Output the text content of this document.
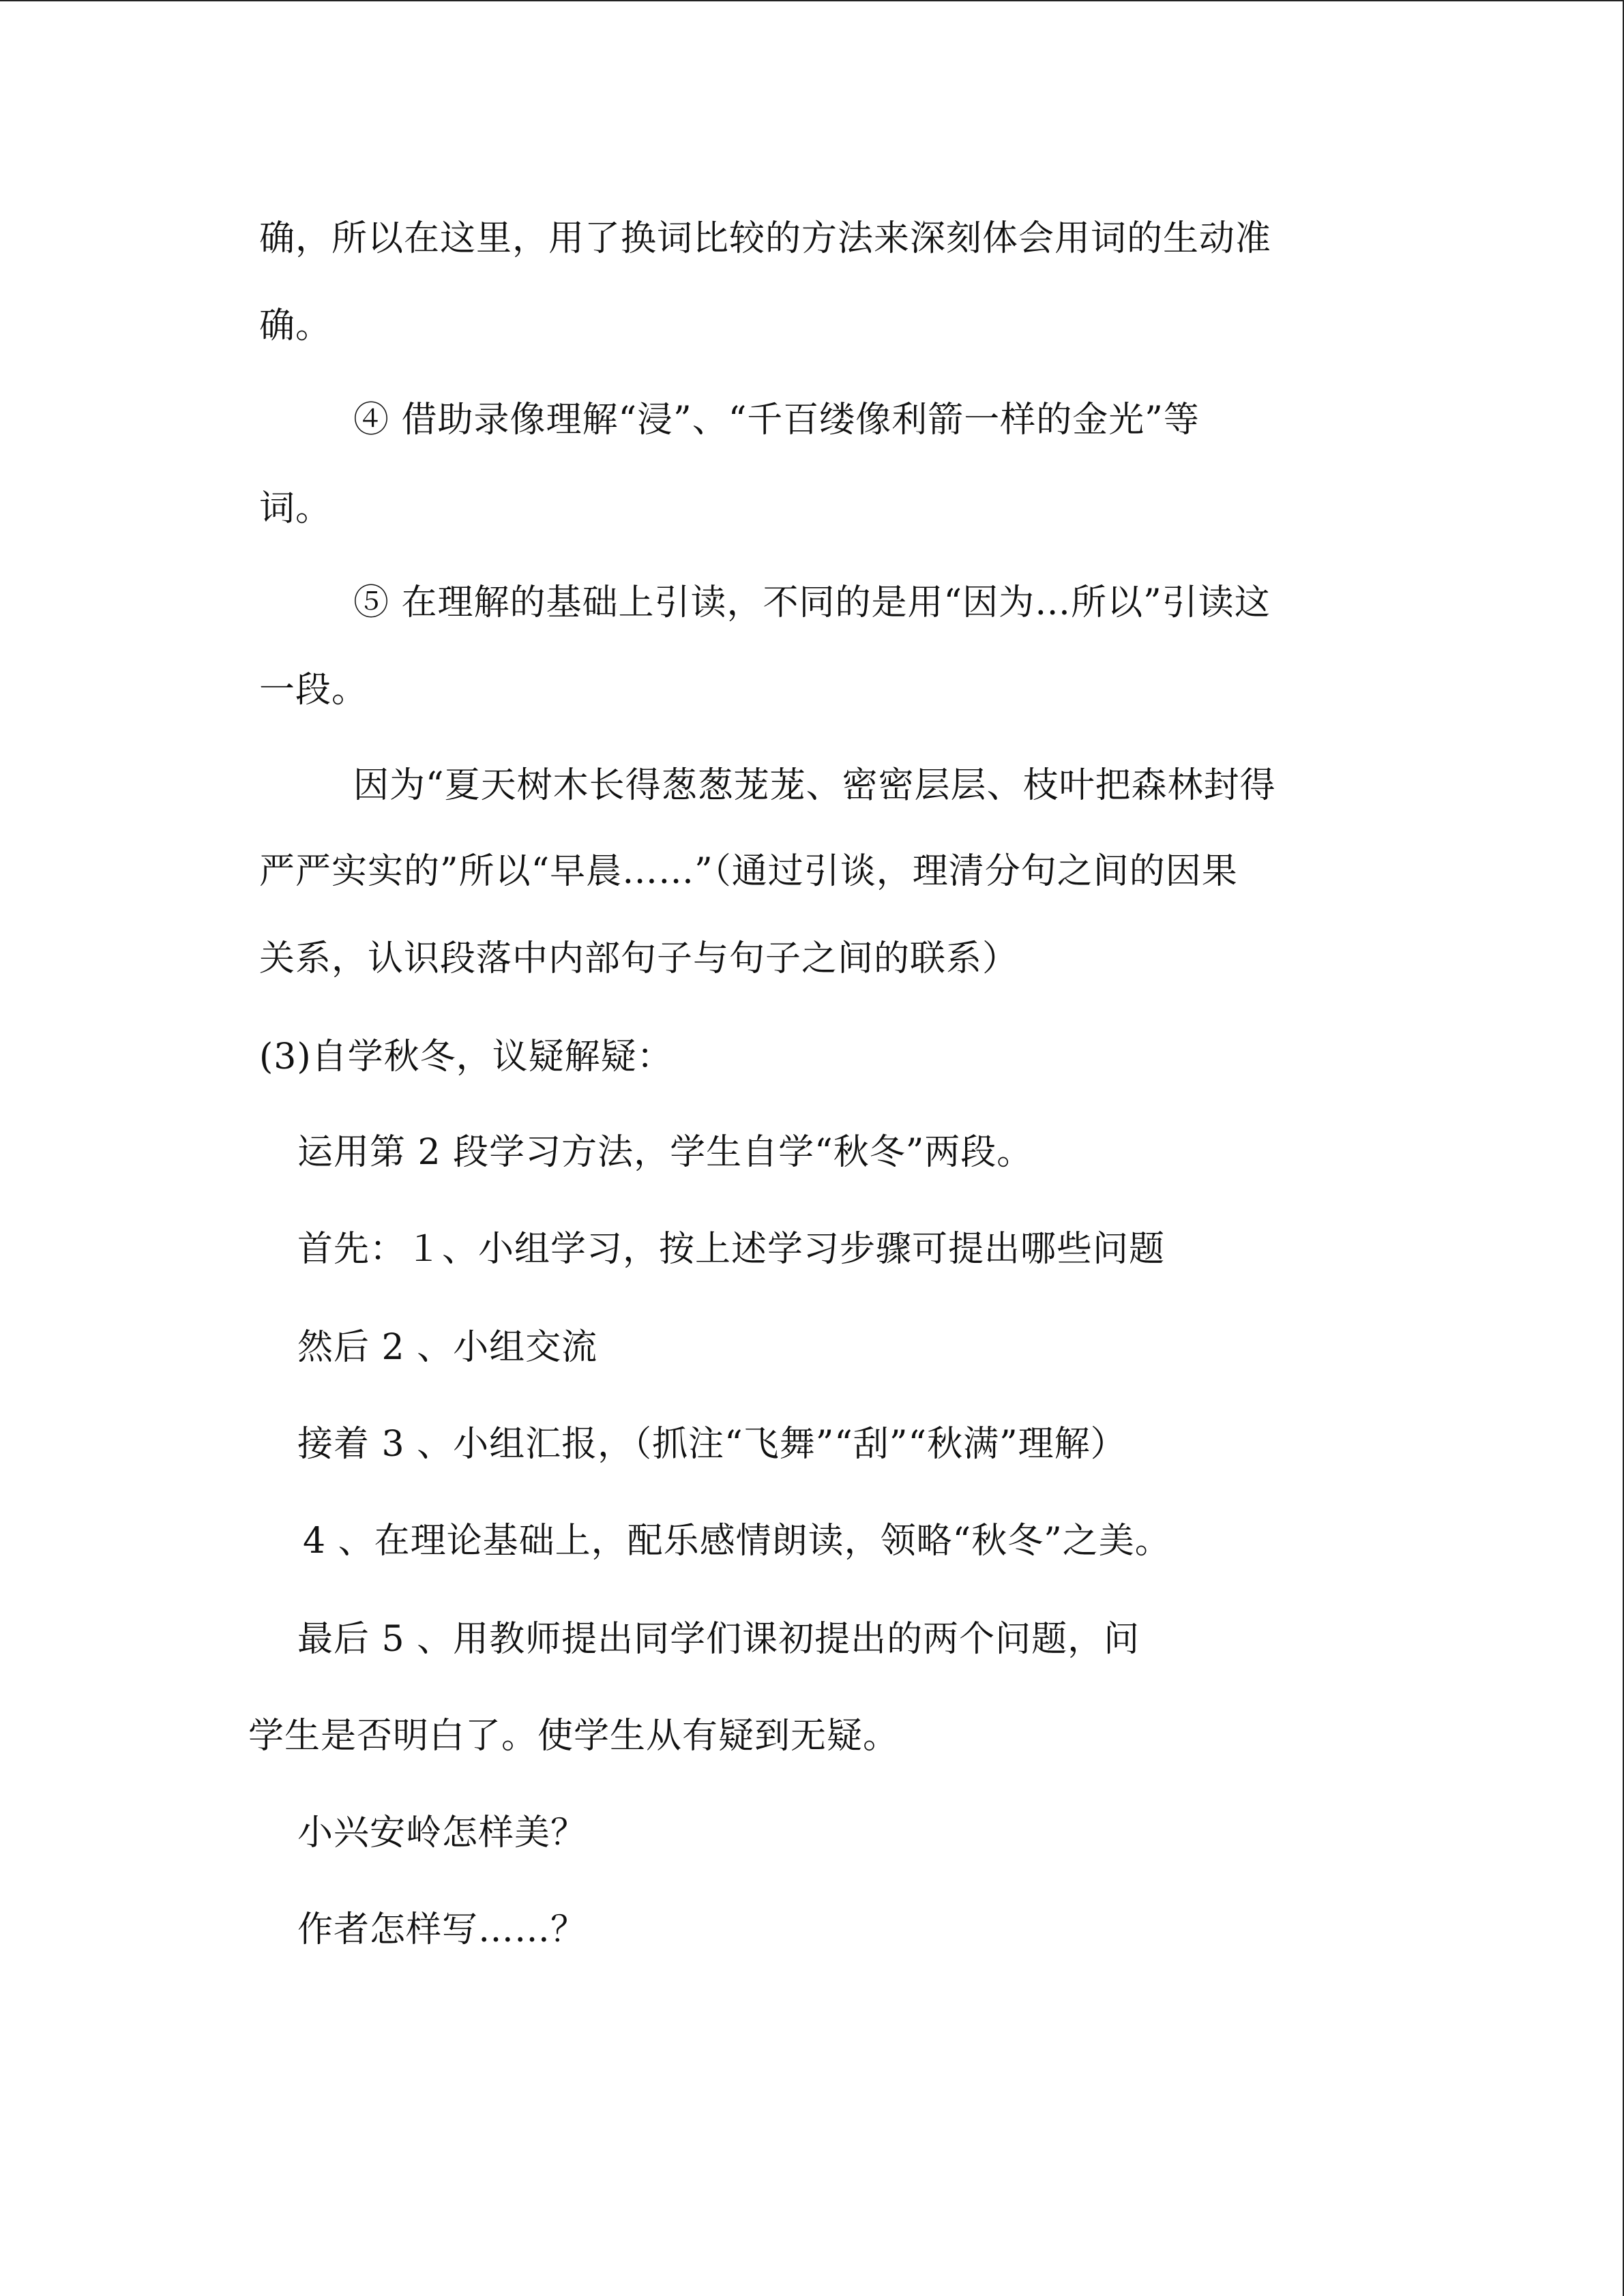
确，所以在这里，用了换词比较的方法来深刻体会用词的生动准
确。
④ 借助录像理解“浸”、“千百缕像利箭一样的金光”等
词。
⑤ 在理解的基础上引读，不同的是用“因为…所以”引读这
一段。
因为“夏天树木长得葱葱茏茏、密密层层、枝叶把森林封得
严严实实的”所以“早晨……”（通过引谈，理清分句之间的因果
关系，认识段落中内部句子与句子之间的联系）
(3)自学秋冬，议疑解疑：
运用第 2 段学习方法，学生自学“秋冬”两段。
首先：１、小组学习，按上述学习步骤可提出哪些问题
然后 2 、小组交流
接着 3 、小组汇报，（抓注“飞舞”“刮”“秋满”理解）
4 、在理论基础上，配乐感情朗读，领略“秋冬”之美。
最后 5 、用教师提出同学们课初提出的两个问题，问
学生是否明白了。使学生从有疑到无疑。
小兴安岭怎样美？
作者怎样写……？
